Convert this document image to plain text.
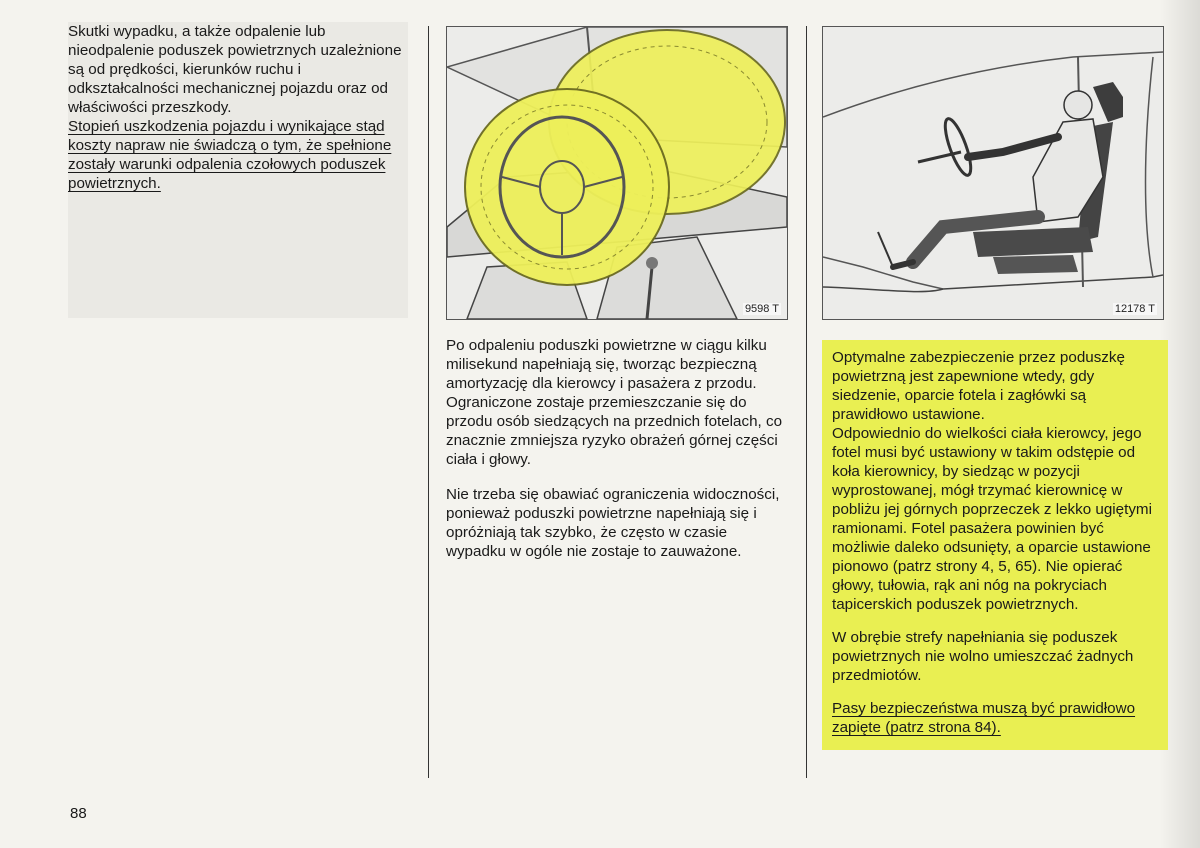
Skutki wypadku, a także odpalenie lub nieodpalenie poduszek powietrznych uzależnione są od prędkości, kierunków ruchu i odkształcalności mechanicznej pojazdu oraz od właściwości przeszkody.

Stopień uszkodzenia pojazdu i wynikające stąd koszty napraw nie świadczą o tym, że spełnione zostały warunki odpalenia czołowych poduszek powietrznych.

9598 T	12178 T

Po odpaleniu poduszki powietrzne w ciągu kilku milisekund napełniają się, tworząc bezpieczną amortyzację dla kierowcy i pasażera z przodu. Ograniczone zostaje przemieszczanie się do przodu osób siedzących na przednich fotelach, co znacznie zmniejsza ryzyko obrażeń górnej części ciała i głowy.

Nie trzeba się obawiać ograniczenia widoczności, ponieważ poduszki powietrzne napełniają się i opróżniają tak szybko, że często w czasie wypadku w ogóle nie zostaje to zauważone.

Optymalne zabezpieczenie przez poduszkę powietrzną jest zapewnione wtedy, gdy siedzenie, oparcie fotela i zagłówki są prawidłowo ustawione.

Odpowiednio do wielkości ciała kierowcy, jego fotel musi być ustawiony w takim odstępie od koła kierownicy, by siedząc w pozycji wyprostowanej, mógł trzymać kierownicę w pobliżu jej górnych poprzeczek z lekko ugiętymi ramionami. Fotel pasażera powinien być możliwie daleko odsunięty, a oparcie ustawione pionowo (patrz strony 4, 5, 65). Nie opierać głowy, tułowia, rąk ani nóg na pokryciach tapicerskich poduszek powietrznych.

W obrębie strefy napełniania się poduszek powietrznych nie wolno umieszczać żadnych przedmiotów.

Pasy bezpieczeństwa muszą być prawidłowo zapięte (patrz strona 84).

88
